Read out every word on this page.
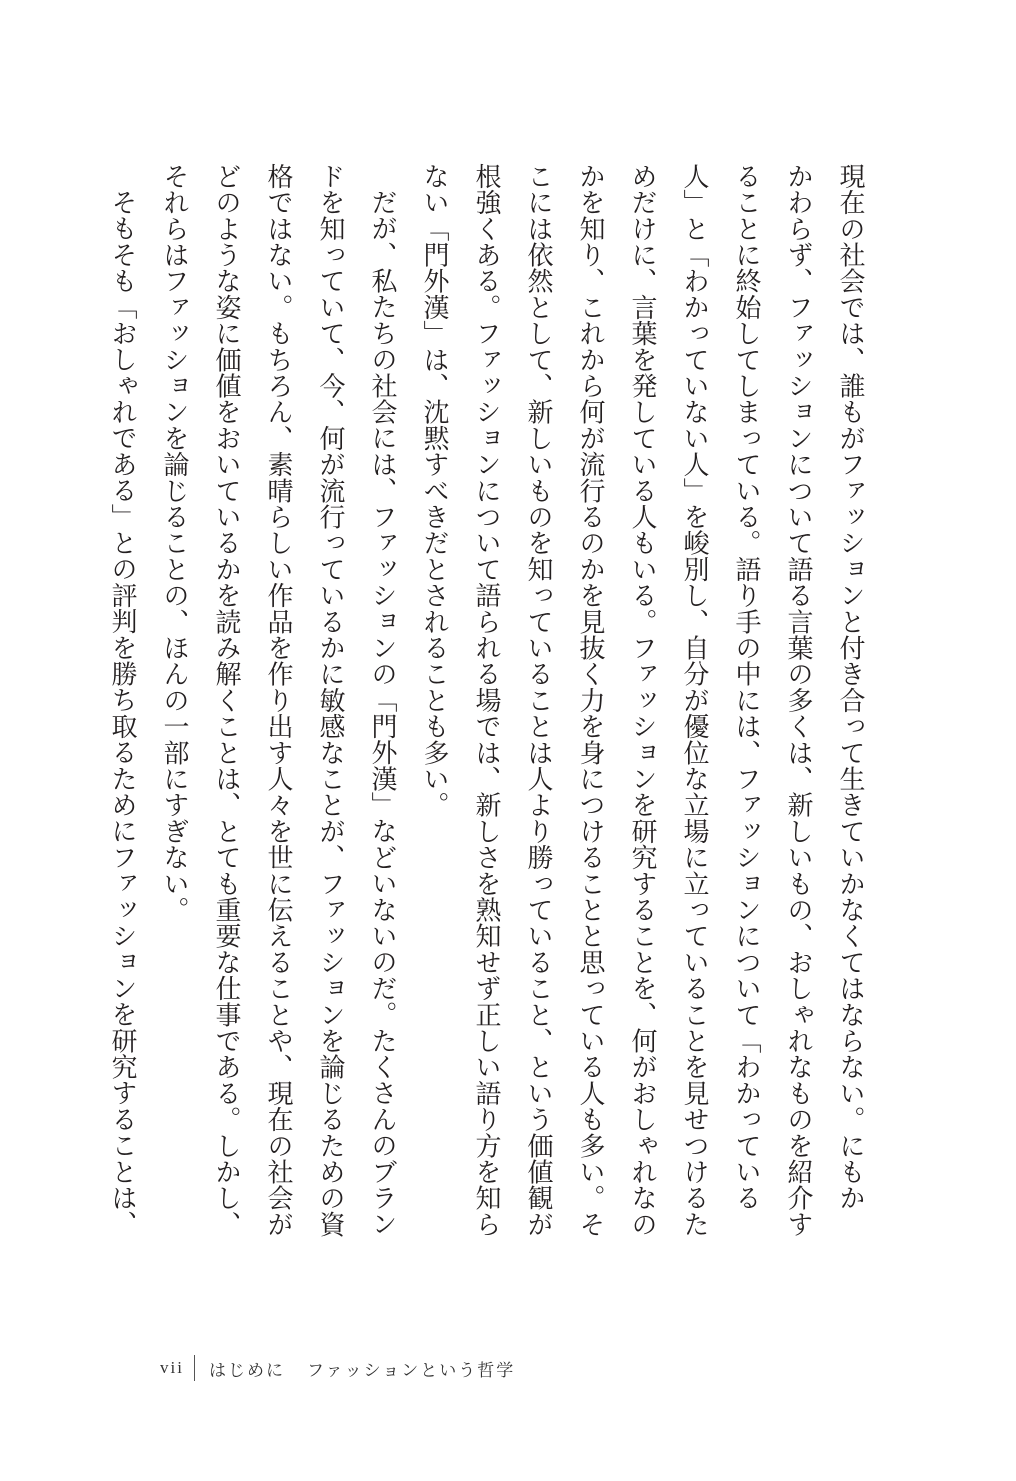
現在の社会では、誰もがファッションと付き合って生きていかなくてはならない。にもか
かわらず、ファッションについて語る言葉の多くは、新しいもの、おしゃれなものを紹介す
ることに終始してしまっている。語り手の中には、ファッションについて「わかっている
人」と「わかっていない人」を峻別し、自分が優位な立場に立っていることを見せつけるた
めだけに、言葉を発している人もいる。ファッションを研究することを、何がおしゃれなの
かを知り、これから何が流行るのかを見抜く力を身につけることと思っている人も多い。そ
こには依然として、新しいものを知っていることは人より勝っていること、という価値観が
根強くある。ファッションについて語られる場では、新しさを熟知せず正しい語り方を知ら
ない「門外漢」は、沈黙すべきだとされることも多い。
だが、私たちの社会には、ファッションの「門外漢」などいないのだ。たくさんのブラン
ドを知っていて、今、何が流行っているかに敏感なことが、ファッションを論じるための資
格ではない。もちろん、素晴らしい作品を作り出す人々を世に伝えることや、現在の社会が
どのような姿に価値をおいているかを読み解くことは、とても重要な仕事である。しかし、
それらはファッションを論じることの、ほんの一部にすぎない。
そもそも「おしゃれである」との評判を勝ち取るためにファッションを研究することは、
vii はじめに ファッションという哲学
